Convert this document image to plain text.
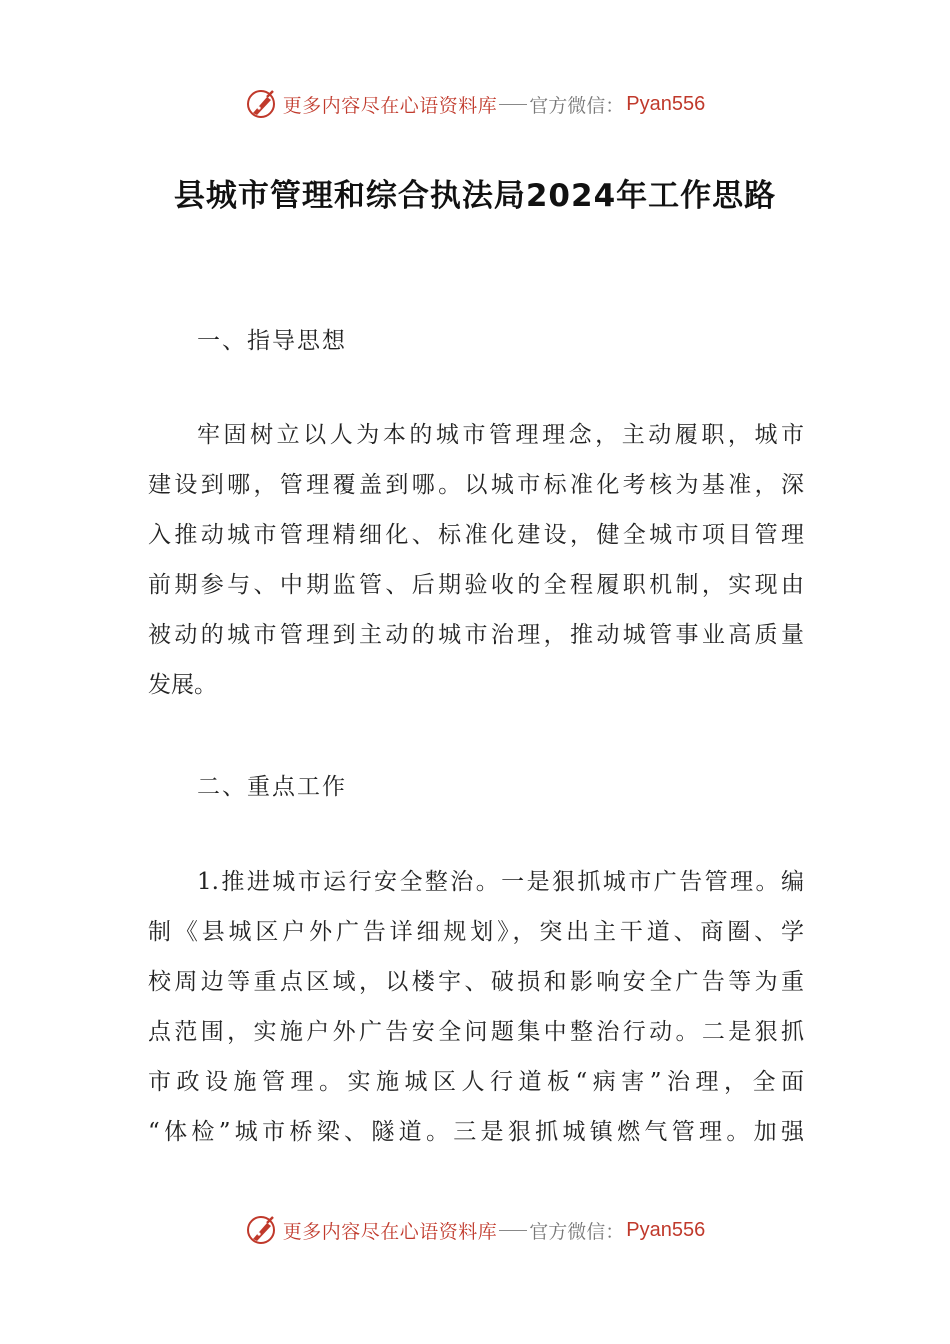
更多内容尽在心语资料库 官方微信： Pyan556
县城市管理和综合执法局2024年工作思路
一、指导思想
牢固树立以人为本的城市管理理念，主动履职，城市
建设到哪，管理覆盖到哪。以城市标准化考核为基准，深
入推动城市管理精细化、标准化建设，健全城市项目管理
前期参与、中期监管、后期验收的全程履职机制，实现由
被动的城市管理到主动的城市治理，推动城管事业高质量
发展。
二、重点工作
1.推进城市运行安全整治。一是狠抓城市广告管理。编
制《县城区户外广告详细规划》，突出主干道、商圈、学
校周边等重点区域，以楼宇、破损和影响安全广告等为重
点范围，实施户外广告安全问题集中整治行动。二是狠抓
市政设施管理。实施城区人行道板“病害”治理，全面
“体检”城市桥梁、隧道。三是狠抓城镇燃气管理。加强
更多内容尽在心语资料库 官方微信： Pyan556
